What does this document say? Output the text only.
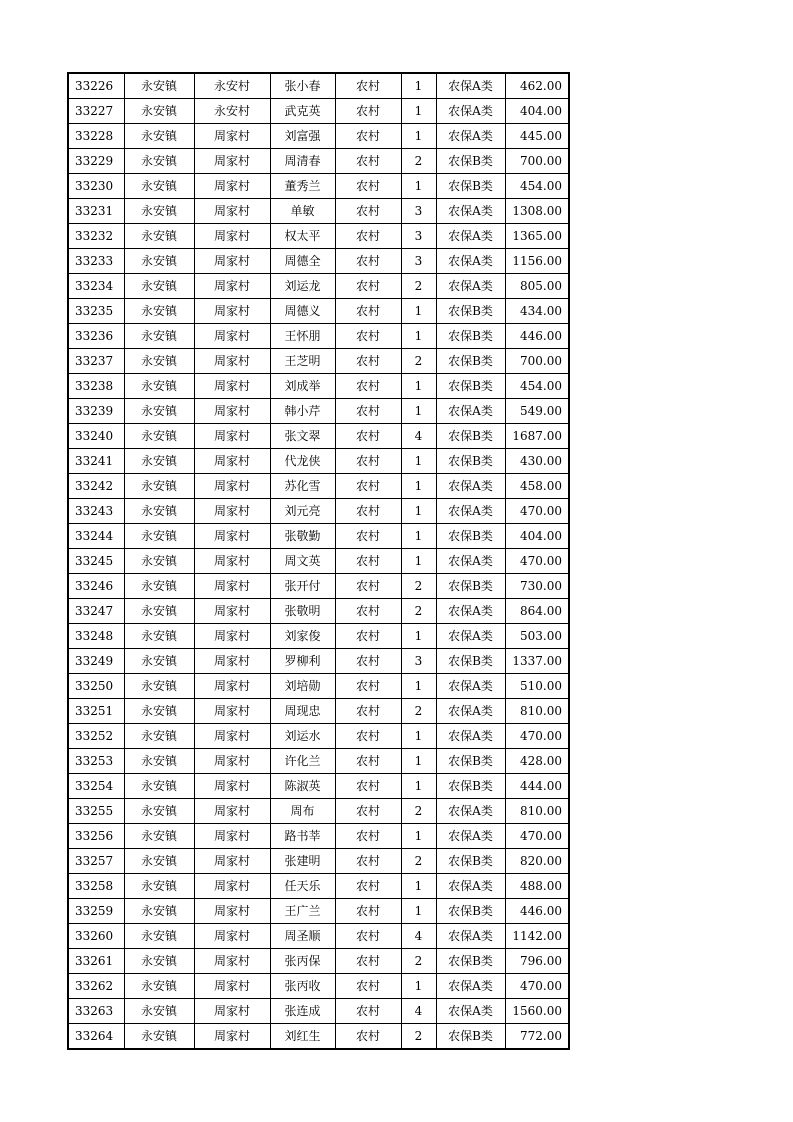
33226	永安镇	永安村	张小春	农村	1	农保A类	462.00
33227	永安镇	永安村	武克英	农村	1	农保A类	404.00
33228	永安镇	周家村	刘富强	农村	1	农保A类	445.00
33229	永安镇	周家村	周清春	农村	2	农保B类	700.00
33230	永安镇	周家村	董秀兰	农村	1	农保B类	454.00
33231	永安镇	周家村	单敏	农村	3	农保A类	1308.00
33232	永安镇	周家村	权太平	农村	3	农保A类	1365.00
33233	永安镇	周家村	周德全	农村	3	农保A类	1156.00
33234	永安镇	周家村	刘运龙	农村	2	农保A类	805.00
33235	永安镇	周家村	周德义	农村	1	农保B类	434.00
33236	永安镇	周家村	王怀朋	农村	1	农保B类	446.00
33237	永安镇	周家村	王芝明	农村	2	农保B类	700.00
33238	永安镇	周家村	刘成举	农村	1	农保B类	454.00
33239	永安镇	周家村	韩小芹	农村	1	农保A类	549.00
33240	永安镇	周家村	张文翠	农村	4	农保B类	1687.00
33241	永安镇	周家村	代龙侠	农村	1	农保B类	430.00
33242	永安镇	周家村	苏化雪	农村	1	农保A类	458.00
33243	永安镇	周家村	刘元亮	农村	1	农保A类	470.00
33244	永安镇	周家村	张敬勤	农村	1	农保B类	404.00
33245	永安镇	周家村	周文英	农村	1	农保A类	470.00
33246	永安镇	周家村	张开付	农村	2	农保B类	730.00
33247	永安镇	周家村	张敬明	农村	2	农保A类	864.00
33248	永安镇	周家村	刘家俊	农村	1	农保A类	503.00
33249	永安镇	周家村	罗柳利	农村	3	农保B类	1337.00
33250	永安镇	周家村	刘培勋	农村	1	农保A类	510.00
33251	永安镇	周家村	周现忠	农村	2	农保A类	810.00
33252	永安镇	周家村	刘运水	农村	1	农保A类	470.00
33253	永安镇	周家村	许化兰	农村	1	农保B类	428.00
33254	永安镇	周家村	陈淑英	农村	1	农保B类	444.00
33255	永安镇	周家村	周布	农村	2	农保A类	810.00
33256	永安镇	周家村	路书莘	农村	1	农保A类	470.00
33257	永安镇	周家村	张建明	农村	2	农保B类	820.00
33258	永安镇	周家村	任天乐	农村	1	农保A类	488.00
33259	永安镇	周家村	王广兰	农村	1	农保B类	446.00
33260	永安镇	周家村	周圣顺	农村	4	农保A类	1142.00
33261	永安镇	周家村	张丙保	农村	2	农保B类	796.00
33262	永安镇	周家村	张丙收	农村	1	农保A类	470.00
33263	永安镇	周家村	张连成	农村	4	农保A类	1560.00
33264	永安镇	周家村	刘红生	农村	2	农保B类	772.00
